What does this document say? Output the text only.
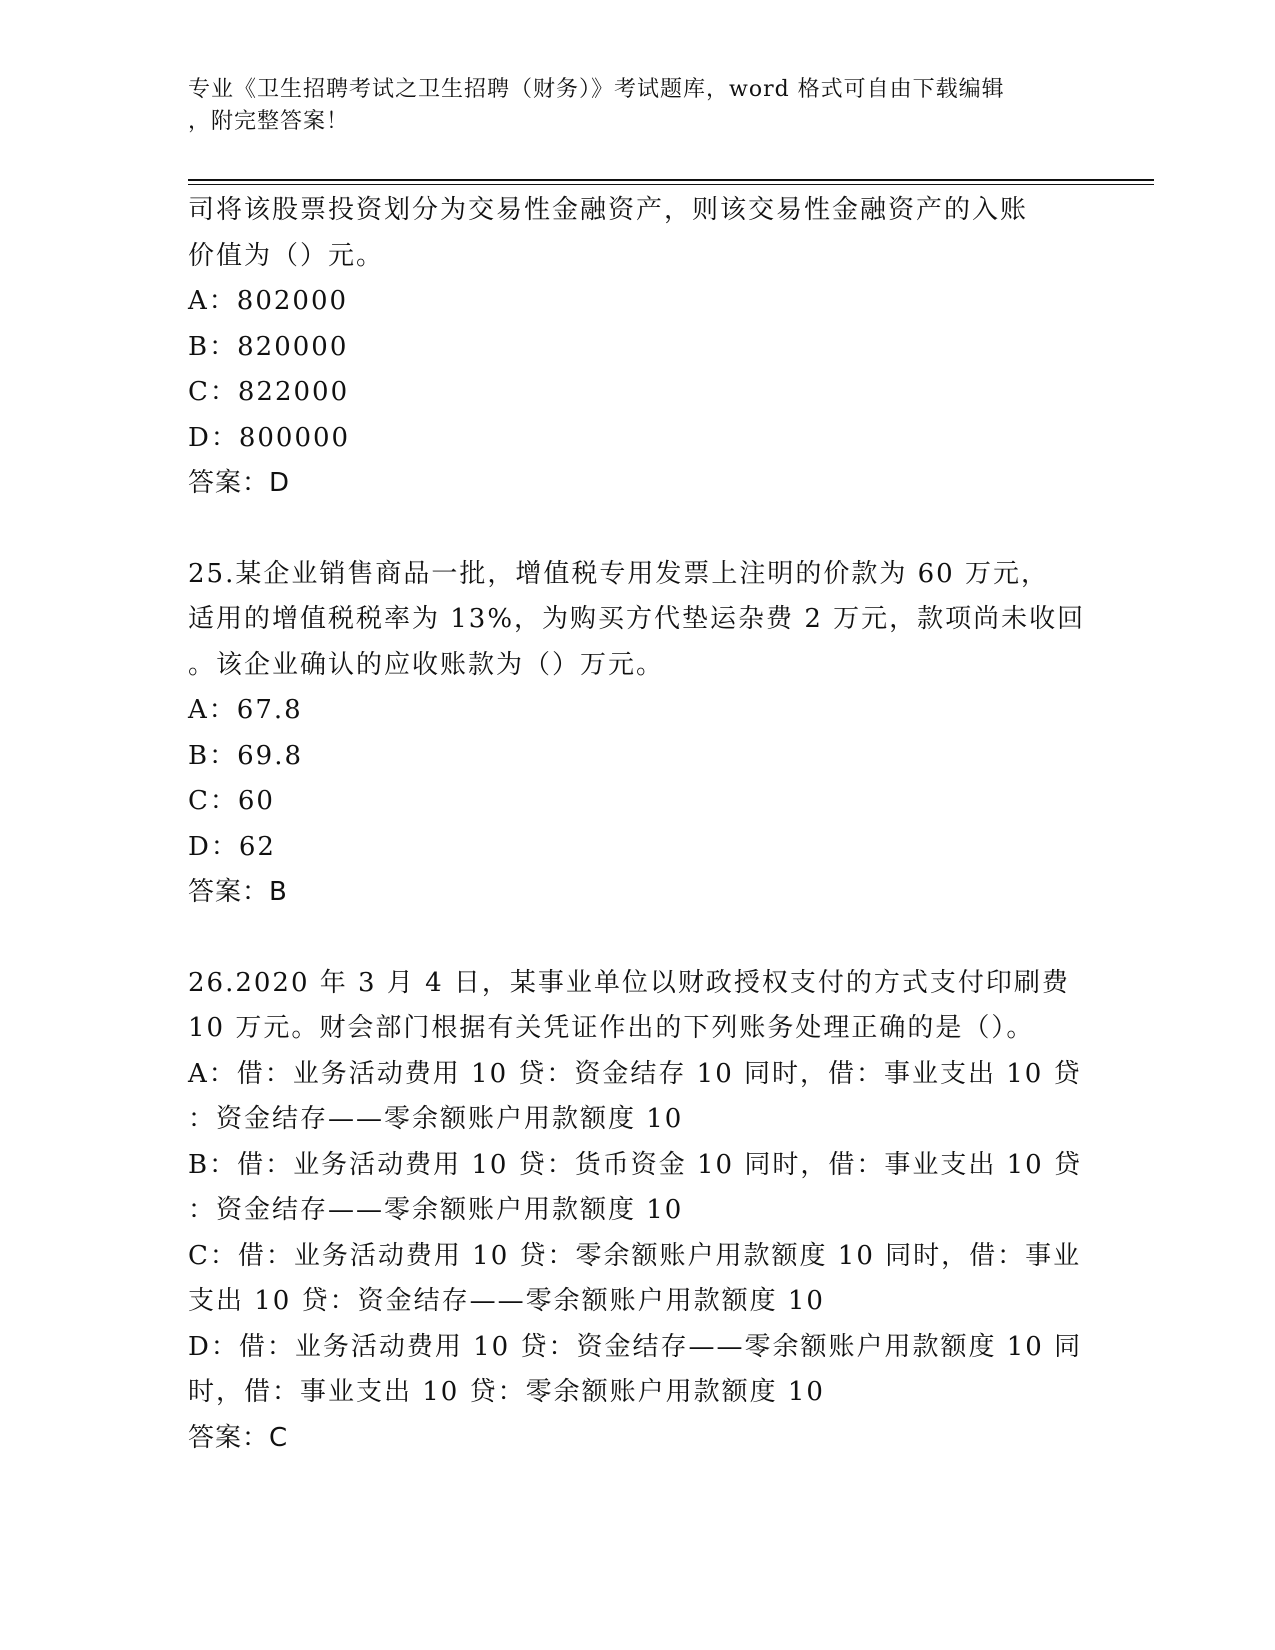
专业《卫生招聘考试之卫生招聘（财务）》考试题库，word 格式可自由下载编辑
，附完整答案！
司将该股票投资划分为交易性金融资产，则该交易性金融资产的入账
价值为（）元。
A：802000
B：820000
C：822000
D：800000
答案：D
25.某企业销售商品一批，增值税专用发票上注明的价款为 60 万元，
适用的增值税税率为 13%，为购买方代垫运杂费 2 万元，款项尚未收回
。该企业确认的应收账款为（）万元。
A：67.8
B：69.8
C：60
D：62
答案：B
26.2020 年 3 月 4 日，某事业单位以财政授权支付的方式支付印刷费
10 万元。财会部门根据有关凭证作出的下列账务处理正确的是（）。
A：借：业务活动费用 10 贷：资金结存 10 同时，借：事业支出 10 贷
：资金结存——零余额账户用款额度 10
B：借：业务活动费用 10 贷：货币资金 10 同时，借：事业支出 10 贷
：资金结存——零余额账户用款额度 10
C：借：业务活动费用 10 贷：零余额账户用款额度 10 同时，借：事业
支出 10 贷：资金结存——零余额账户用款额度 10
D：借：业务活动费用 10 贷：资金结存——零余额账户用款额度 10 同
时，借：事业支出 10 贷：零余额账户用款额度 10
答案：C
